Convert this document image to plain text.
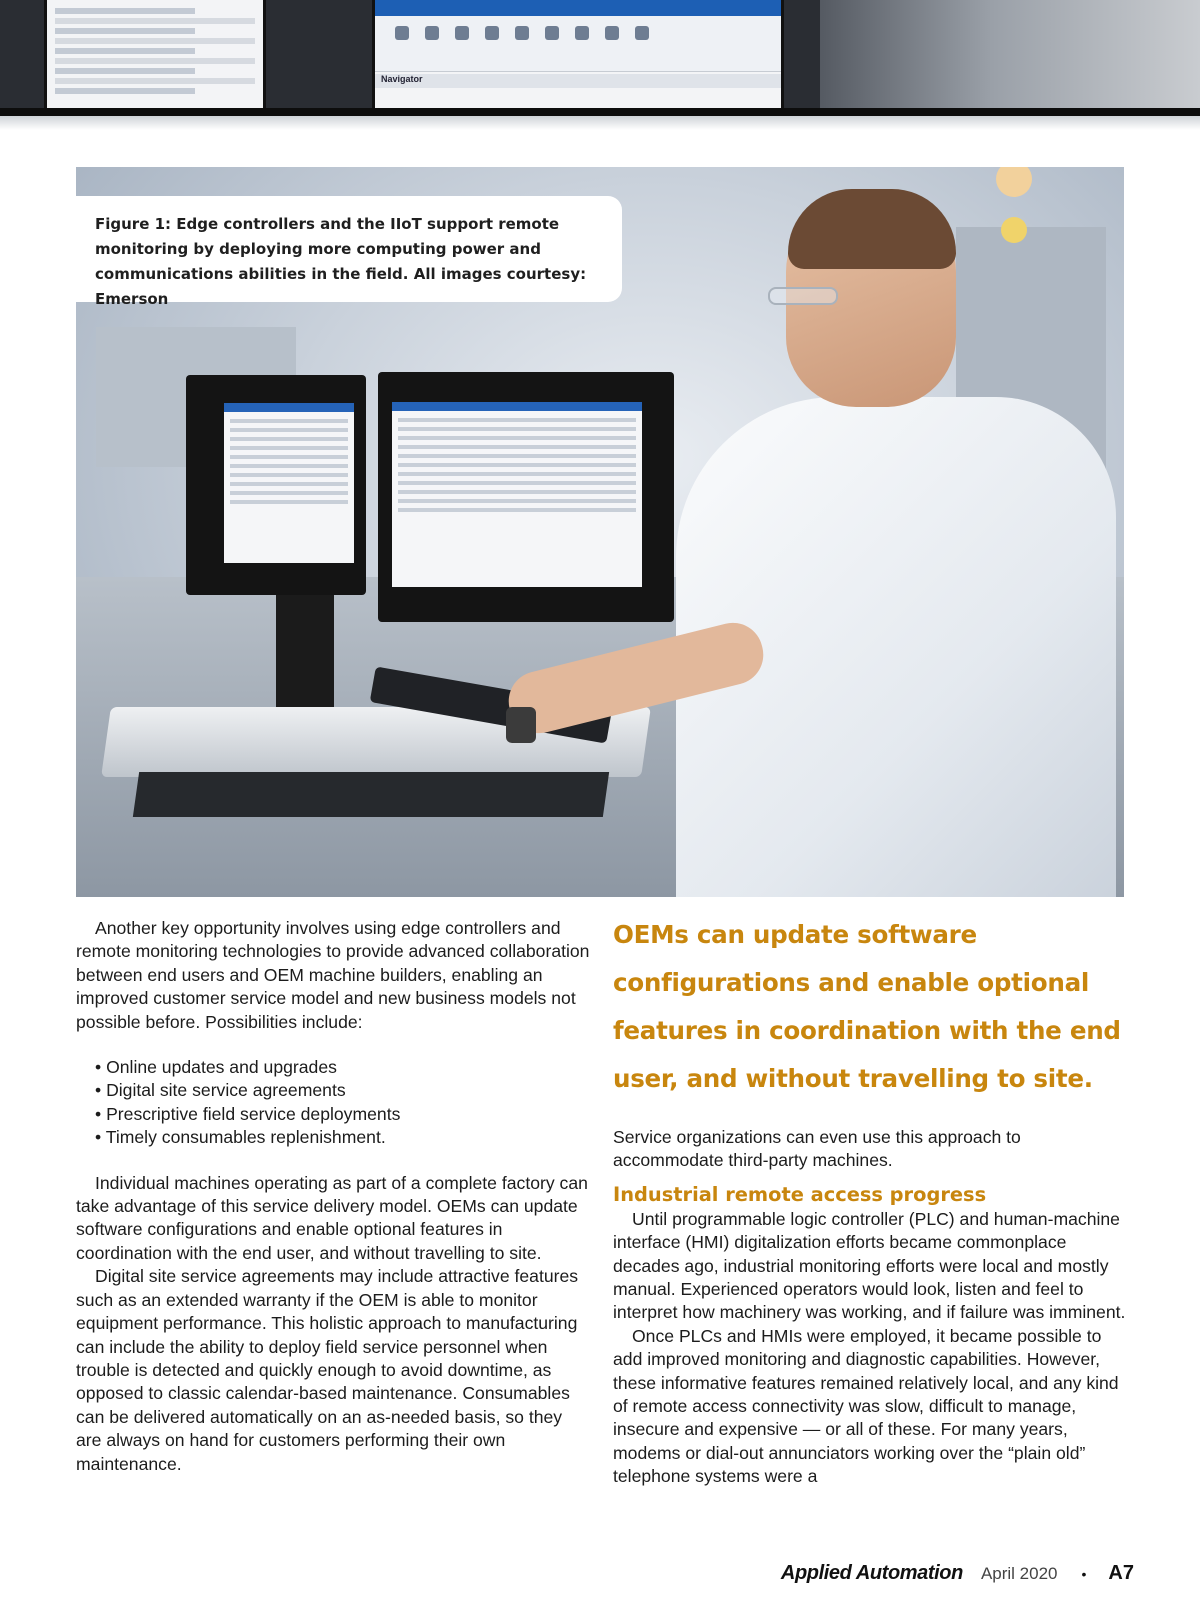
Navigator

Figure 1: Edge controllers and the IIoT support remote monitoring by deploying more computing power and communications abilities in the field. All images courtesy: Emerson

Another key opportunity involves using edge controllers and remote monitoring technologies to provide advanced collaboration between end users and OEM machine builders, enabling an improved customer service model and new business models not possible before. Possibilities include:

• Online updates and upgrades
• Digital site service agreements
• Prescriptive field service deployments
• Timely consumables replenishment.

Individual machines operating as part of a complete factory can take advantage of this service delivery model. OEMs can update software configurations and enable optional features in coordination with the end user, and without travelling to site.

Digital site service agreements may include attractive features such as an extended warranty if the OEM is able to monitor equipment performance. This holistic approach to manufacturing can include the ability to deploy field service personnel when trouble is detected and quickly enough to avoid downtime, as opposed to classic calendar-based maintenance. Consumables can be delivered automatically on an as-needed basis, so they are always on hand for customers performing their own maintenance.

OEMs can update software configurations and enable optional features in coordination with the end user, and without travelling to site.

Service organizations can even use this approach to accommodate third-party machines.

Industrial remote access progress

Until programmable logic controller (PLC) and human-machine interface (HMI) digitalization efforts became commonplace decades ago, industrial monitoring efforts were local and mostly manual. Experienced operators would look, listen and feel to interpret how machinery was working, and if failure was imminent.

Once PLCs and HMIs were employed, it became possible to add improved monitoring and diagnostic capabilities. However, these informative features remained relatively local, and any kind of remote access connectivity was slow, difficult to manage, insecure and expensive — or all of these. For many years, modems or dial-out annunciators working over the “plain old” telephone systems were a

Applied Automation April 2020 • A7
